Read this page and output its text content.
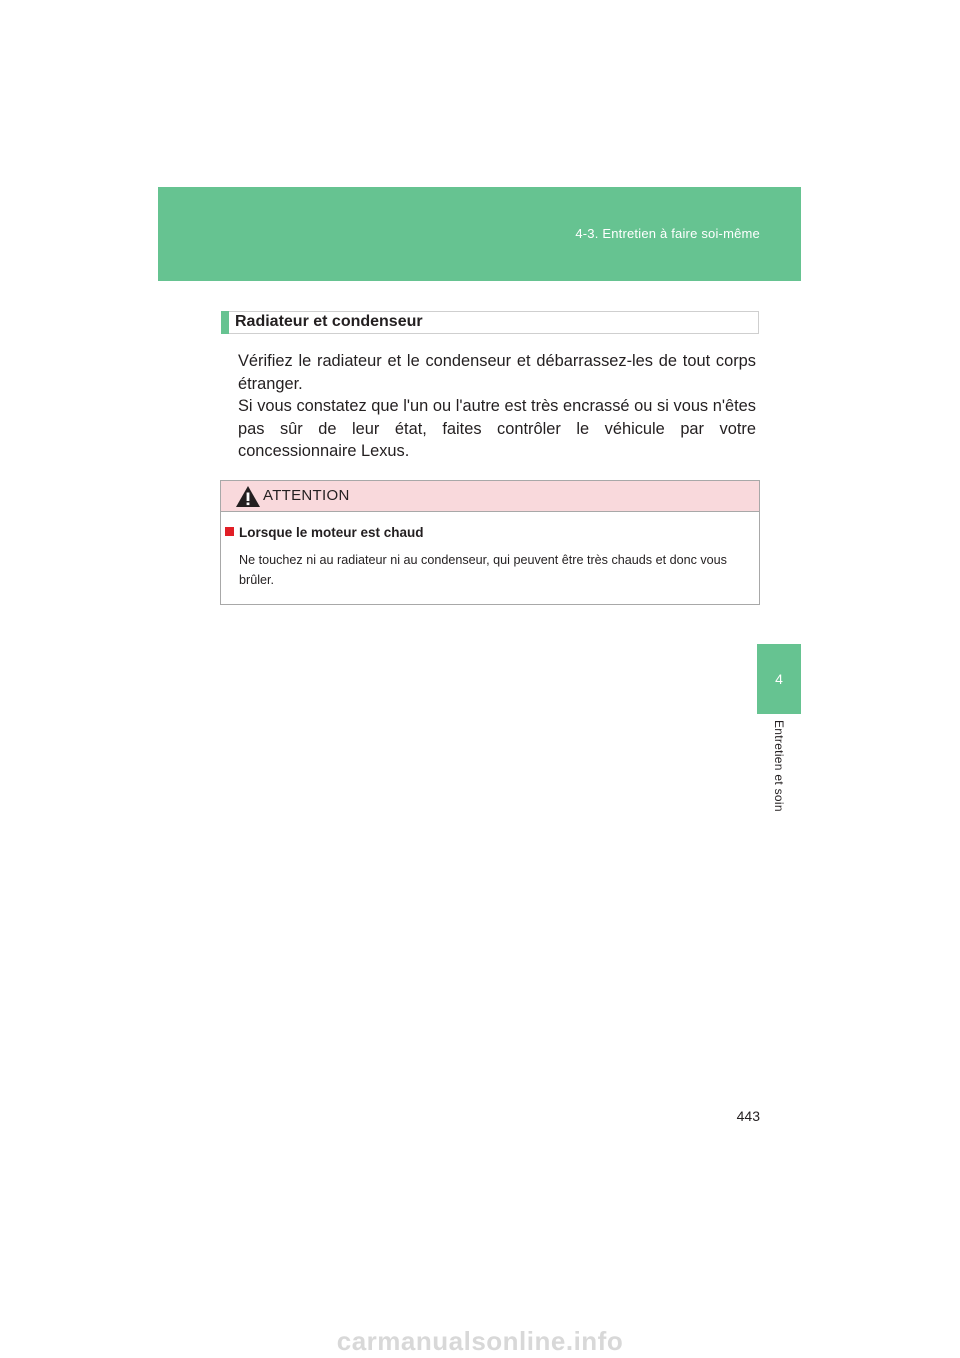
4-3. Entretien à faire soi-même
4
Entretien et soin
Radiateur et condenseur

Vérifiez le radiateur et le condenseur et débarrassez-les de tout corps étranger.

Si vous constatez que l'un ou l'autre est très encrassé ou si vous n'êtes pas sûr de leur état, faites contrôler le véhicule par votre concessionnaire Lexus.

ATTENTION
Lorsque le moteur est chaud
Ne touchez ni au radiateur ni au condenseur, qui peuvent être très chauds et donc vous brûler.
443
carmanualsonline.info
